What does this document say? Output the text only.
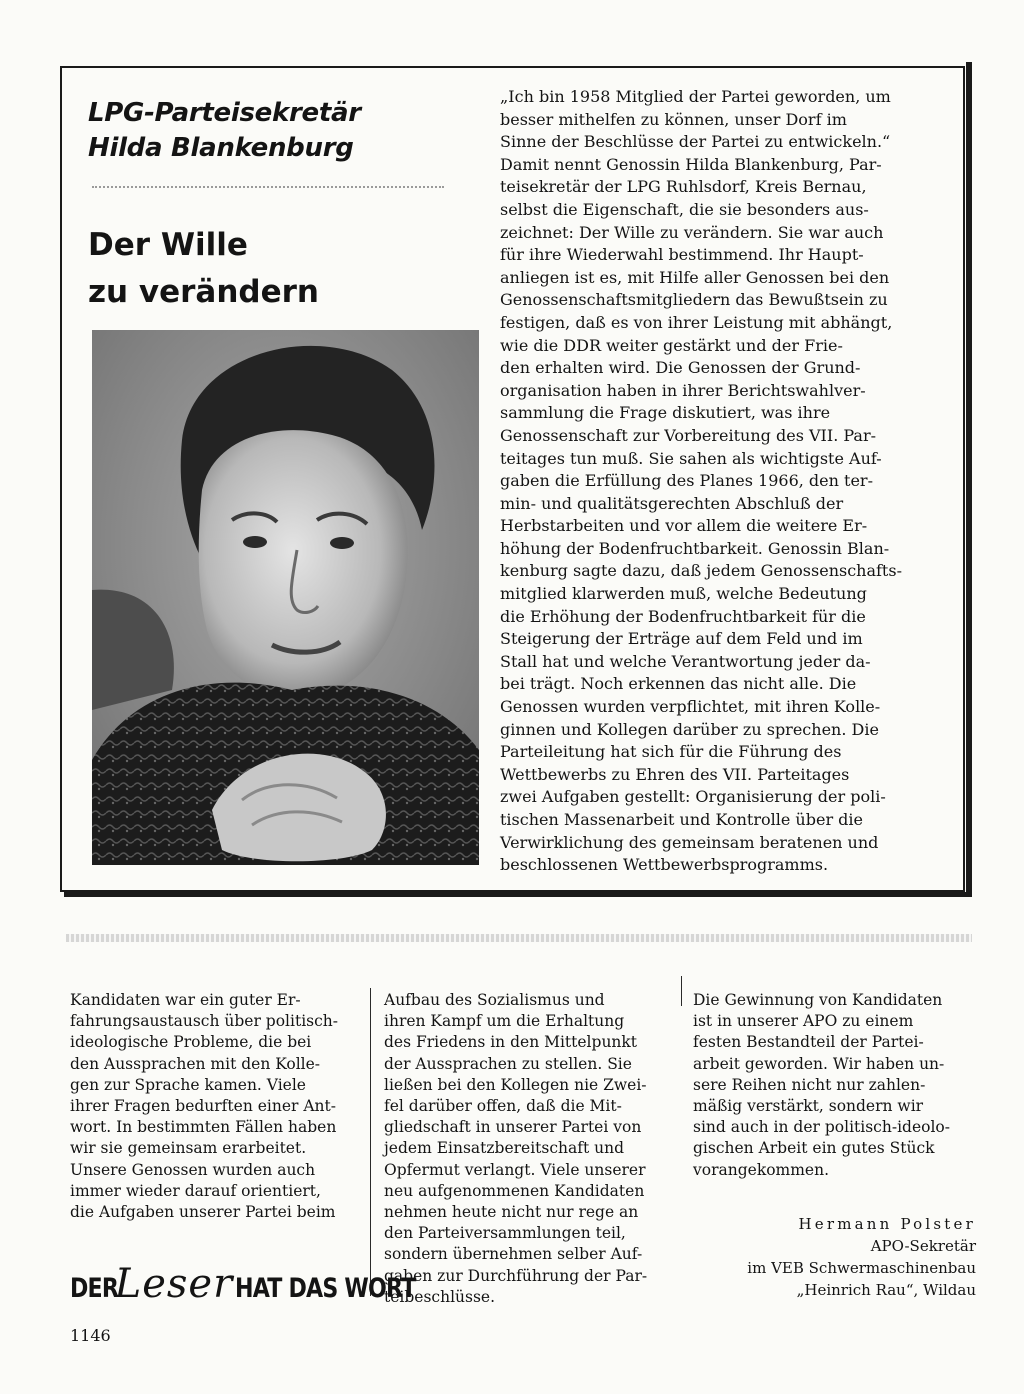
LPG-Parteisekretär
Hilda Blankenburg
Der Wille
zu verändern

„Ich bin 1958 Mitglied der Partei geworden, um

besser mithelfen zu können, unser Dorf im

Sinne der Beschlüsse der Partei zu entwickeln.“

Damit nennt Genossin Hilda Blankenburg, Par-

teisekretär der LPG Ruhlsdorf, Kreis Bernau,

selbst die Eigenschaft, die sie besonders aus-

zeichnet: Der Wille zu verändern. Sie war auch

für ihre Wiederwahl bestimmend. Ihr Haupt-

anliegen ist es, mit Hilfe aller Genossen bei den

Genossenschaftsmitgliedern das Bewußtsein zu

festigen, daß es von ihrer Leistung mit abhängt,

wie die DDR weiter gestärkt und der Frie-

den erhalten wird. Die Genossen der Grund-

organisation haben in ihrer Berichtswahlver-

sammlung die Frage diskutiert, was ihre

Genossenschaft zur Vorbereitung des VII. Par-

teitages tun muß. Sie sahen als wichtigste Auf-

gaben die Erfüllung des Planes 1966, den ter-

min- und qualitätsgerechten Abschluß der

Herbstarbeiten und vor allem die weitere Er-

höhung der Bodenfruchtbarkeit. Genossin Blan-

kenburg sagte dazu, daß jedem Genossenschafts-

mitglied klarwerden muß, welche Bedeutung

die Erhöhung der Bodenfruchtbarkeit für die

Steigerung der Erträge auf dem Feld und im

Stall hat und welche Verantwortung jeder da-

bei trägt. Noch erkennen das nicht alle. Die

Genossen wurden verpflichtet, mit ihren Kolle-

ginnen und Kollegen darüber zu sprechen. Die

Parteileitung hat sich für die Führung des

Wettbewerbs zu Ehren des VII. Parteitages

zwei Aufgaben gestellt: Organisierung der poli-

tischen Massenarbeit und Kontrolle über die

Verwirklichung des gemeinsam beratenen und

beschlossenen Wettbewerbsprogramms.

Kandidaten war ein guter Er-

fahrungsaustausch über politisch-

ideologische Probleme, die bei

den Aussprachen mit den Kolle-

gen zur Sprache kamen. Viele

ihrer Fragen bedurften einer Ant-

wort. In bestimmten Fällen haben

wir sie gemeinsam erarbeitet.

Unsere Genossen wurden auch

immer wieder darauf orientiert,

die Aufgaben unserer Partei beim

Aufbau des Sozialismus und

ihren Kampf um die Erhaltung

des Friedens in den Mittelpunkt

der Aussprachen zu stellen. Sie

ließen bei den Kollegen nie Zwei-

fel darüber offen, daß die Mit-

gliedschaft in unserer Partei von

jedem Einsatzbereitschaft und

Opfermut verlangt. Viele unserer

neu aufgenommenen Kandidaten

nehmen heute nicht nur rege an

den Parteiversammlungen teil,

sondern übernehmen selber Auf-

gaben zur Durchführung der Par-

teibeschlüsse.

Die Gewinnung von Kandidaten

ist in unserer APO zu einem

festen Bestandteil der Partei-

arbeit geworden. Wir haben un-

sere Reihen nicht nur zahlen-

mäßig verstärkt, sondern wir

sind auch in der politisch-ideolo-

gischen Arbeit ein gutes Stück

vorangekommen.

DER
Leser HAT DAS WORT
Hermann Polster
APO-Sekretär
im VEB Schwermaschinenbau
„Heinrich Rau“, Wildau
1146
